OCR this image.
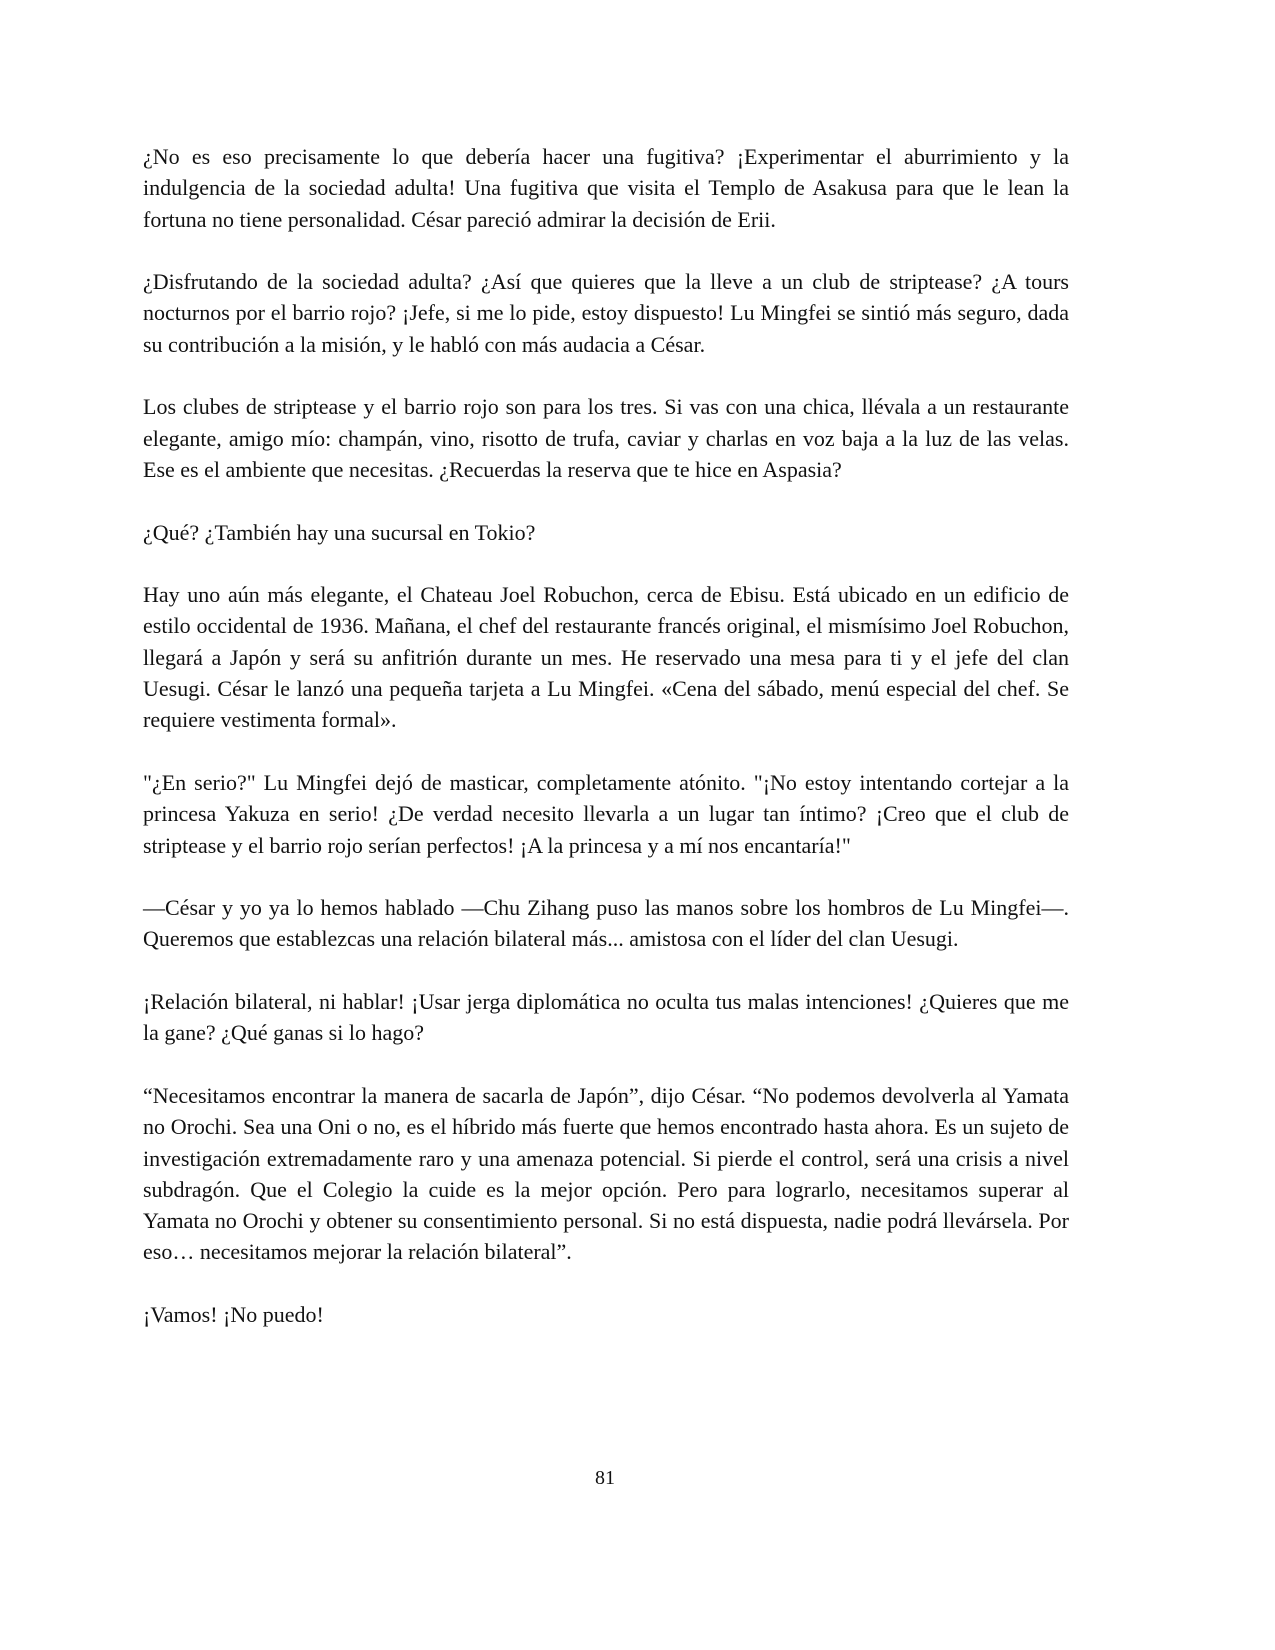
¿No es eso precisamente lo que debería hacer una fugitiva? ¡Experimentar el aburrimiento y la indulgencia de la sociedad adulta! Una fugitiva que visita el Templo de Asakusa para que le lean la fortuna no tiene personalidad. César pareció admirar la decisión de Erii.

¿Disfrutando de la sociedad adulta? ¿Así que quieres que la lleve a un club de striptease? ¿A tours nocturnos por el barrio rojo? ¡Jefe, si me lo pide, estoy dispuesto! Lu Mingfei se sintió más seguro, dada su contribución a la misión, y le habló con más audacia a César.

Los clubes de striptease y el barrio rojo son para los tres. Si vas con una chica, llévala a un restaurante elegante, amigo mío: champán, vino, risotto de trufa, caviar y charlas en voz baja a la luz de las velas. Ese es el ambiente que necesitas. ¿Recuerdas la reserva que te hice en Aspasia?

¿Qué? ¿También hay una sucursal en Tokio?

Hay uno aún más elegante, el Chateau Joel Robuchon, cerca de Ebisu. Está ubicado en un edificio de estilo occidental de 1936. Mañana, el chef del restaurante francés original, el mismísimo Joel Robuchon, llegará a Japón y será su anfitrión durante un mes. He reservado una mesa para ti y el jefe del clan Uesugi. César le lanzó una pequeña tarjeta a Lu Mingfei. «Cena del sábado, menú especial del chef. Se requiere vestimenta formal».

"¿En serio?" Lu Mingfei dejó de masticar, completamente atónito. "¡No estoy intentando cortejar a la princesa Yakuza en serio! ¿De verdad necesito llevarla a un lugar tan íntimo? ¡Creo que el club de striptease y el barrio rojo serían perfectos! ¡A la princesa y a mí nos encantaría!"

—César y yo ya lo hemos hablado —Chu Zihang puso las manos sobre los hombros de Lu Mingfei—. Queremos que establezcas una relación bilateral más... amistosa con el líder del clan Uesugi.

¡Relación bilateral, ni hablar! ¡Usar jerga diplomática no oculta tus malas intenciones! ¿Quieres que me la gane? ¿Qué ganas si lo hago?

“Necesitamos encontrar la manera de sacarla de Japón”, dijo César. “No podemos devolverla al Yamata no Orochi. Sea una Oni o no, es el híbrido más fuerte que hemos encontrado hasta ahora. Es un sujeto de investigación extremadamente raro y una amenaza potencial. Si pierde el control, será una crisis a nivel subdragón. Que el Colegio la cuide es la mejor opción. Pero para lograrlo, necesitamos superar al Yamata no Orochi y obtener su consentimiento personal. Si no está dispuesta, nadie podrá llevársela. Por eso… necesitamos mejorar la relación bilateral”.

¡Vamos! ¡No puedo!

81
